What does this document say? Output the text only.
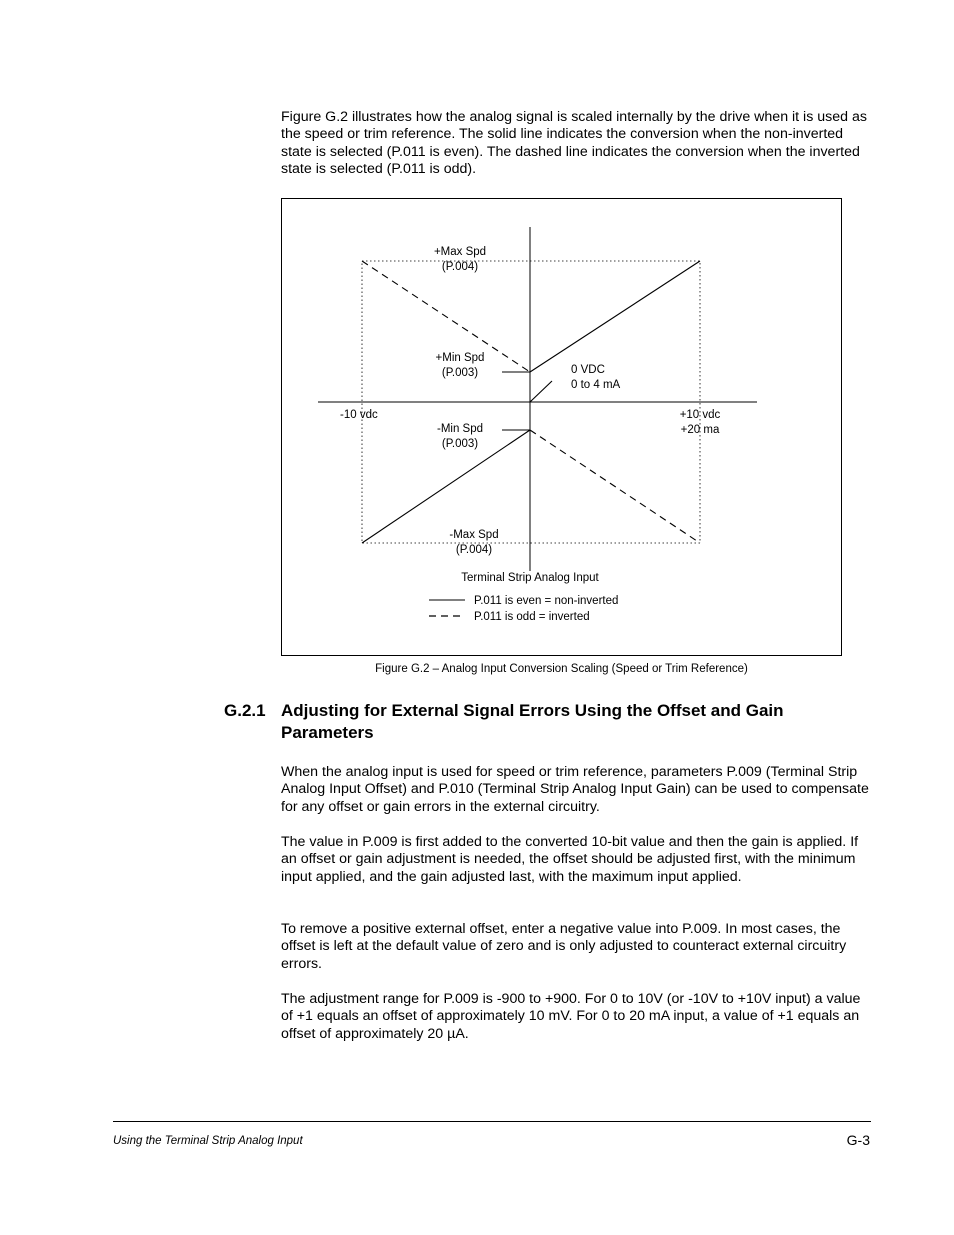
Figure G.2 illustrates how the analog signal is scaled internally by the drive when it is used as the speed or trim reference. The solid line indicates the conversion when the non-inverted state is selected (P.011 is even). The dashed line indicates the conversion when the inverted state is selected (P.011 is odd).

+Max Spd
(P.004)
+Min Spd
(P.003)	0 VDC
0 to 4 mA
-10 vdc	+10 vdc
+20 ma
-Min Spd
(P.003)
-Max Spd
(P.004)
Terminal Strip Analog Input
P.011 is even = non-inverted
P.011 is odd = inverted

Figure G.2 – Analog Input Conversion Scaling (Speed or Trim Reference)

G.2.1 Adjusting for External Signal Errors Using the Offset and Gain Parameters

When the analog input is used for speed or trim reference, parameters P.009 (Terminal Strip Analog Input Offset) and P.010 (Terminal Strip Analog Input Gain) can be used to compensate for any offset or gain errors in the external circuitry.

The value in P.009 is first added to the converted 10-bit value and then the gain is applied. If an offset or gain adjustment is needed, the offset should be adjusted first, with the minimum input applied, and the gain adjusted last, with the maximum input applied.

To remove a positive external offset, enter a negative value into P.009. In most cases, the offset is left at the default value of zero and is only adjusted to counteract external circuitry errors.

The adjustment range for P.009 is -900 to +900. For 0 to 10V (or -10V to +10V input) a value of +1 equals an offset of approximately 10 mV. For 0 to 20 mA input, a value of +1 equals an offset of approximately 20 µA.

Using the Terminal Strip Analog Input	G-3
